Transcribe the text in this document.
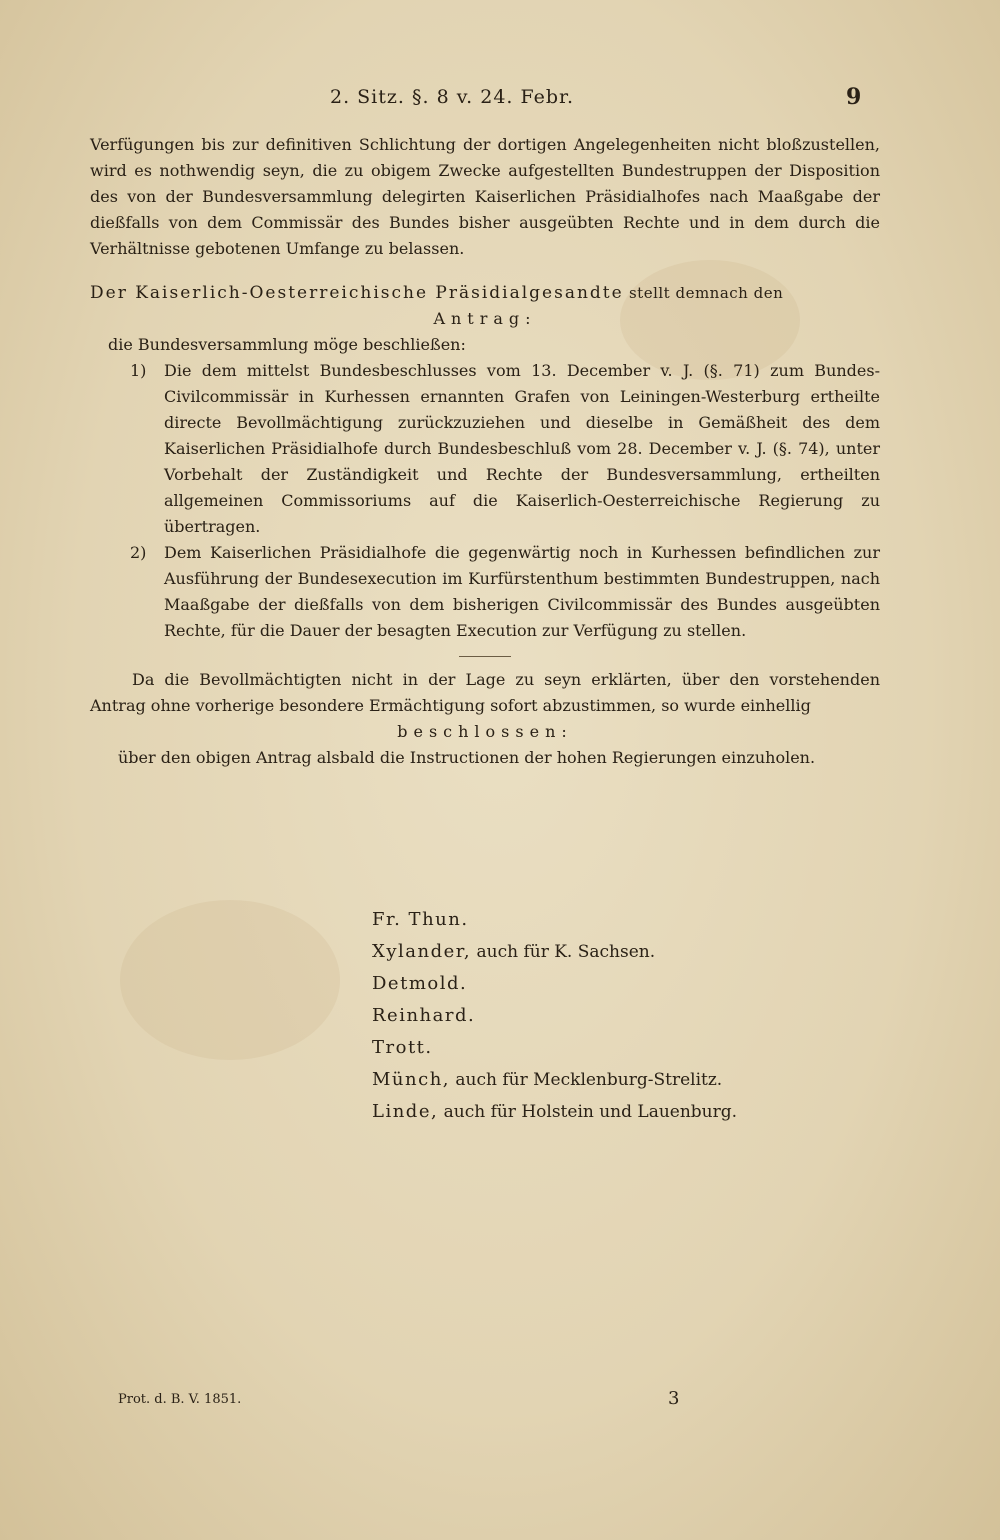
2. Sitz. §. 8 v. 24. Febr.	9

Verfügungen bis zur definitiven Schlichtung der dortigen Angelegenheiten nicht bloßzustellen, wird es nothwendig seyn, die zu obigem Zwecke aufgestellten Bundestruppen der Disposition des von der Bundesversammlung delegirten Kaiserlichen Präsidialhofes nach Maaßgabe der dießfalls von dem Commissär des Bundes bisher ausgeübten Rechte und in dem durch die Verhältnisse gebotenen Umfange zu belassen.

Der Kaiserlich-Oesterreichische Präsidialgesandte stellt demnach den
Antrag:
die Bundesversammlung möge beschließen:
1) Die dem mittelst Bundesbeschlusses vom 13. December v. J. (§. 71) zum Bundes-Civilcommissär in Kurhessen ernannten Grafen von Leiningen-Westerburg ertheilte directe Bevollmächtigung zurückzuziehen und dieselbe in Gemäßheit des dem Kaiserlichen Präsidialhofe durch Bundesbeschluß vom 28. December v. J. (§. 74), unter Vorbehalt der Zuständigkeit und Rechte der Bundesversammlung, ertheilten allgemeinen Commissoriums auf die Kaiserlich-Oesterreichische Regierung zu übertragen.
2) Dem Kaiserlichen Präsidialhofe die gegenwärtig noch in Kurhessen befindlichen zur Ausführung der Bundesexecution im Kurfürstenthum bestimmten Bundestruppen, nach Maaßgabe der dießfalls von dem bisherigen Civilcommissär des Bundes ausgeübten Rechte, für die Dauer der besagten Execution zur Verfügung zu stellen.

Da die Bevollmächtigten nicht in der Lage zu seyn erklärten, über den vorstehenden Antrag ohne vorherige besondere Ermächtigung sofort abzustimmen, so wurde einhellig

beschlossen:
über den obigen Antrag alsbald die Instructionen der hohen Regierungen einzuholen.
Fr. Thun.
Xylander, auch für K. Sachsen.
Detmold.
Reinhard.
Trott.
Münch, auch für Mecklenburg-Strelitz.
Linde, auch für Holstein und Lauenburg.
Prot. d. B. V. 1851.	3
